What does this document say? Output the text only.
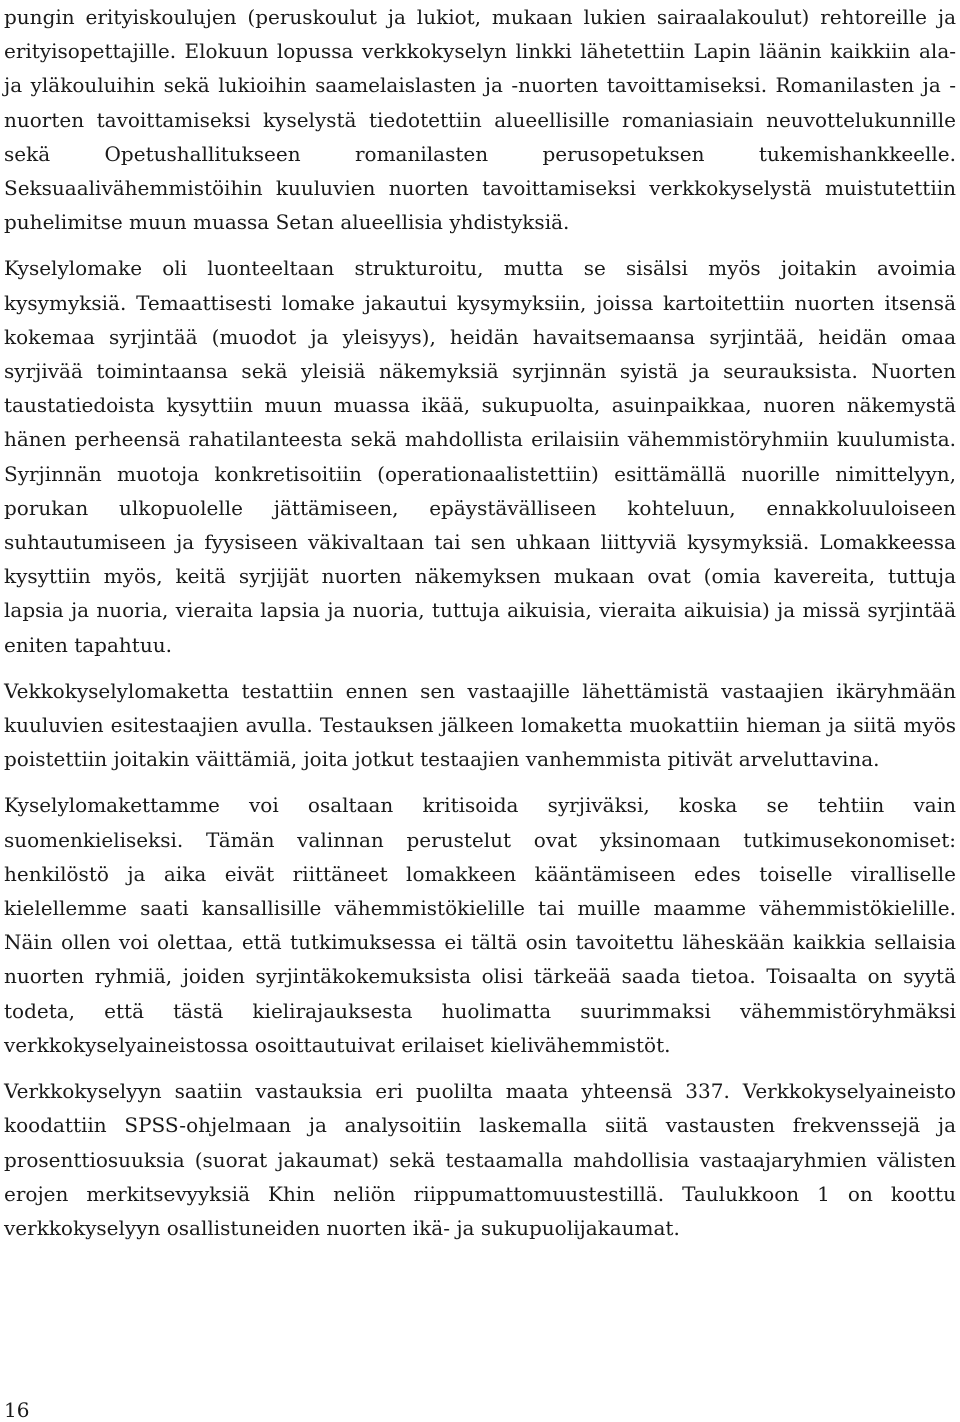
pungin erityiskoulujen (peruskoulut ja lukiot, mukaan lukien sairaalakoulut) rehtoreille ja erityisopettajille. Elokuun lopussa verkkokyselyn linkki lähetettiin Lapin läänin kaikkiin ala- ja yläkouluihin sekä lukioihin saamelaislasten ja -nuorten tavoittamiseksi. Romanilasten ja -nuorten tavoittamiseksi kyselystä tiedotettiin alueellisille romaniasiain neuvottelukunnille sekä Opetushallitukseen romanilasten perusopetuksen tukemishankkeelle. Seksuaalivähemmistöihin kuuluvien nuorten tavoittamiseksi verkkokyselystä muistutettiin puhelimitse muun muassa Setan alueellisia yhdistyksiä.

Kyselylomake oli luonteeltaan strukturoitu, mutta se sisälsi myös joitakin avoimia kysymyksiä. Temaattisesti lomake jakautui kysymyksiin, joissa kartoitettiin nuorten itsensä kokemaa syrjintää (muodot ja yleisyys), heidän havaitsemaansa syrjintää, heidän omaa syrjivää toimintaansa sekä yleisiä näkemyksiä syrjinnän syistä ja seurauksista. Nuorten taustatiedoista kysyttiin muun muassa ikää, sukupuolta, asuinpaikkaa, nuoren näkemystä hänen perheensä rahatilanteesta sekä mahdollista erilaisiin vähemmistöryhmiin kuulumista. Syrjinnän muotoja konkretisoitiin (operationaalistettiin) esittämällä nuorille nimittelyyn, porukan ulkopuolelle jättämiseen, epäystävälliseen kohteluun, ennakkoluuloiseen suhtautumiseen ja fyysiseen väkivaltaan tai sen uhkaan liittyviä kysymyksiä. Lomakkeessa kysyttiin myös, keitä syrjijät nuorten näkemyksen mukaan ovat (omia kavereita, tuttuja lapsia ja nuoria, vieraita lapsia ja nuoria, tuttuja aikuisia, vieraita aikuisia) ja missä syrjintää eniten tapahtuu.

Vekkokyselylomaketta testattiin ennen sen vastaajille lähettämistä vastaajien ikäryhmään kuuluvien esitestaajien avulla. Testauksen jälkeen lomaketta muokattiin hieman ja siitä myös poistettiin joitakin väittämiä, joita jotkut testaajien vanhemmista pitivät arveluttavina.

Kyselylomakettamme voi osaltaan kritisoida syrjiväksi, koska se tehtiin vain suomenkieliseksi. Tämän valinnan perustelut ovat yksinomaan tutkimusekonomiset: henkilöstö ja aika eivät riittäneet lomakkeen kääntämiseen edes toiselle viralliselle kielellemme saati kansallisille vähemmistökielille tai muille maamme vähemmistökielille. Näin ollen voi olettaa, että tutkimuksessa ei tältä osin tavoitettu läheskään kaikkia sellaisia nuorten ryhmiä, joiden syrjintäkokemuksista olisi tärkeää saada tietoa. Toisaalta on syytä todeta, että tästä kielirajauksesta huolimatta suurimmaksi vähemmistöryhmäksi verkkokyselyaineistossa osoittautuivat erilaiset kielivähemmistöt.

Verkkokyselyyn saatiin vastauksia eri puolilta maata yhteensä 337. Verkkokyselyaineisto koodattiin SPSS-ohjelmaan ja analysoitiin laskemalla siitä vastausten frekvenssejä ja prosenttiosuuksia (suorat jakaumat) sekä testaamalla mahdollisia vastaajaryhmien välisten erojen merkitsevyyksiä Khin neliön riippumattomuustestillä. Taulukkoon 1 on koottu verkkokyselyyn osallistuneiden nuorten ikä- ja sukupuolijakaumat.

16
